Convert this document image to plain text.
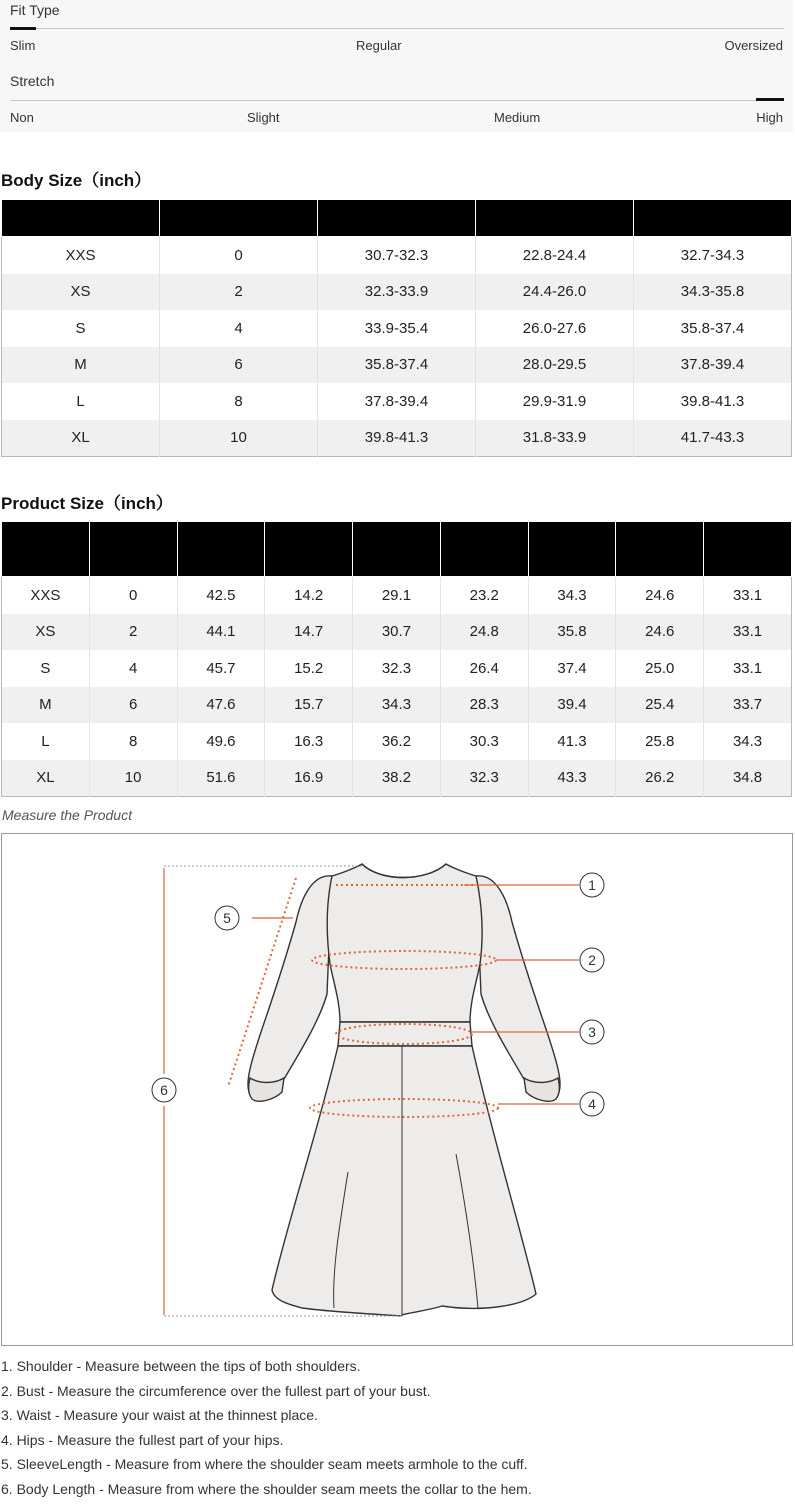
Fit Type
Slim	Regular	Oversized
Stretch
Non	Slight	Medium	High
Body Size（inch）

XXS	0	30.7-32.3	22.8-24.4	32.7-34.3
XS	2	32.3-33.9	24.4-26.0	34.3-35.8
S	4	33.9-35.4	26.0-27.6	35.8-37.4
M	6	35.8-37.4	28.0-29.5	37.8-39.4
L	8	37.8-39.4	29.9-31.9	39.8-41.3
XL	10	39.8-41.3	31.8-33.9	41.7-43.3
Product Size（inch）

XXS	0	42.5	14.2	29.1	23.2	34.3	24.6	33.1
XS	2	44.1	14.7	30.7	24.8	35.8	24.6	33.1
S	4	45.7	15.2	32.3	26.4	37.4	25.0	33.1
M	6	47.6	15.7	34.3	28.3	39.4	25.4	33.7
L	8	49.6	16.3	36.2	30.3	41.3	25.8	34.3
XL	10	51.6	16.9	38.2	32.3	43.3	26.2	34.8
Measure the Product
1
2
3
4
5
6
1. Shoulder - Measure between the tips of both shoulders.
2. Bust - Measure the circumference over the fullest part of your bust.
3. Waist - Measure your waist at the thinnest place.
4. Hips - Measure the fullest part of your hips.
5. SleeveLength - Measure from where the shoulder seam meets armhole to the cuff.
6. Body Length - Measure from where the shoulder seam meets the collar to the hem.
